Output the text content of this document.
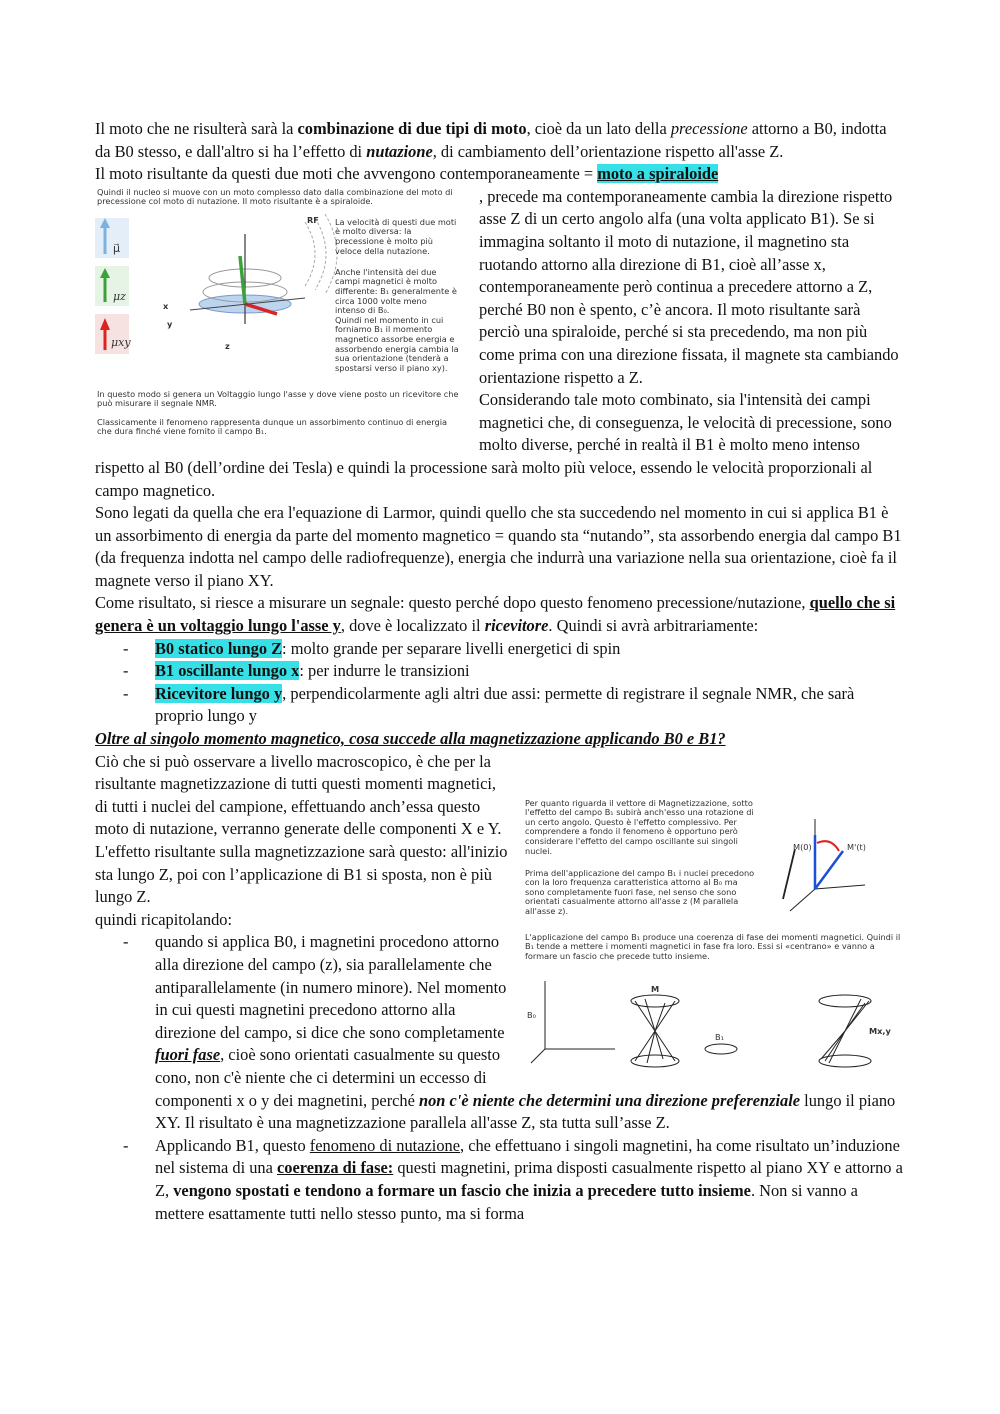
Il moto che ne risulterà sarà la combinazione di due tipi di moto, cioè da un lato della precessione attorno a B0, indotta da B0 stesso, e dall'altro si ha l’effetto di nutazione, di cambiamento dell’orientazione rispetto all'asse Z.

Il moto risultante da questi due moti che avvengono contemporaneamente = moto a spiraloide

Quindi il nucleo si muove con un moto complesso dato dalla combinazione del moto di precessione col moto di nutazione. Il moto risultante è a spiraloide.
μ⃗
μz
μxy
x
y
z
RF La velocità di questi due moti è molto diversa: la precessione è molto più veloce della nutazione.
Anche l'intensità dei due campi magnetici è molto differente: B₁ generalmente è circa 1000 volte meno intenso di B₀.
Quindi nel momento in cui forniamo B₁ il momento magnetico assorbe energia e assorbendo energia cambia la sua orientazione (tenderà a spostarsi verso il piano xy).
In questo modo si genera un Voltaggio lungo l'asse y dove viene posto un ricevitore che può misurare il segnale NMR.
Classicamente il fenomeno rappresenta dunque un assorbimento continuo di energia che dura finché viene fornito il campo B₁.

, precede ma contemporaneamente cambia la direzione rispetto asse Z di un certo angolo alfa (una volta applicato B1). Se si immagina soltanto il moto di nutazione, il magnetino sta ruotando attorno alla direzione di B1, cioè all’asse x, contemporaneamente però continua a precedere attorno a Z, perché B0 non è spento, c’è ancora. Il moto risultante sarà perciò una spiraloide, perché si sta precedendo, ma non più come prima con una direzione fissata, il magnete sta cambiando orientazione rispetto a Z.

Considerando tale moto combinato, sia l'intensità dei campi magnetici che, di conseguenza, le velocità di precessione, sono molto diverse, perché in realtà il B1 è molto meno intenso rispetto al B0 (dell’ordine dei Tesla) e quindi la processione sarà molto più veloce, essendo le velocità proporzionali al campo magnetico.

Sono legati da quella che era l'equazione di Larmor, quindi quello che sta succedendo nel momento in cui si applica B1 è un assorbimento di energia da parte del momento magnetico = quando sta “nutando”, sta assorbendo energia dal campo B1 (da frequenza indotta nel campo delle radiofrequenze), energia che indurrà una variazione nella sua orientazione, cioè fa il magnete verso il piano XY.

Come risultato, si riesce a misurare un segnale: questo perché dopo questo fenomeno precessione/nutazione, quello che si genera è un voltaggio lungo l'asse y, dove è localizzato il ricevitore. Quindi si avrà arbitrariamente:

- B0 statico lungo Z: molto grande per separare livelli energetici di spin
- B1 oscillante lungo x: per indurre le transizioni
- Ricevitore lungo y, perpendicolarmente agli altri due assi: permette di registrare il segnale NMR, che sarà proprio lungo y

Oltre al singolo momento magnetico, cosa succede alla magnetizzazione applicando B0 e B1?

Per quanto riguarda il vettore di Magnetizzazione, sotto l'effetto del campo B₁ subirà anch'esso una rotazione di un certo angolo. Questo è l'effetto complessivo. Per comprendere a fondo il fenomeno è opportuno però considerare l'effetto del campo oscillante sui singoli nuclei.
Prima dell'applicazione del campo B₁ i nuclei precedono con la loro frequenza caratteristica attorno al B₀ ma sono completamente fuori fase, nel senso che sono orientati casualmente attorno all'asse z (M parallela all'asse z).
L'applicazione del campo B₁ produce una coerenza di fase dei momenti magnetici. Quindi il B₁ tende a mettere i momenti magnetici in fase fra loro. Essi si «centrano» e vanno a formare un fascio che precede tutto insieme.
M(0)	M'(t)
B₀
B₁
M
Mx,y

Ciò che si può osservare a livello macroscopico, è che per la risultante magnetizzazione di tutti questi momenti magnetici, di tutti i nuclei del campione, effettuando anch’essa questo moto di nutazione, verranno generate delle componenti X e Y. L'effetto risultante sulla magnetizzazione sarà questo: all'inizio sta lungo Z, poi con l’applicazione di B1 si sposta, non è più lungo Z.

quindi ricapitolando:

- quando si applica B0, i magnetini procedono attorno alla direzione del campo (z), sia parallelamente che antiparallelamente (in numero minore). Nel momento in cui questi magnetini precedono attorno alla direzione del campo, si dice che sono completamente fuori fase, cioè sono orientati casualmente su questo cono, non c'è niente che ci determini un eccesso di componenti x o y dei magnetini, perché non c'è niente che determini una direzione preferenziale lungo il piano XY. Il risultato è una magnetizzazione parallela all'asse Z, sta tutta sull’asse Z.
- Applicando B1, questo fenomeno di nutazione, che effettuano i singoli magnetini, ha come risultato un’induzione nel sistema di una coerenza di fase: questi magnetini, prima disposti casualmente rispetto al piano XY e attorno a Z, vengono spostati e tendono a formare un fascio che inizia a precedere tutto insieme. Non si vanno a mettere esattamente tutti nello stesso punto, ma si forma
